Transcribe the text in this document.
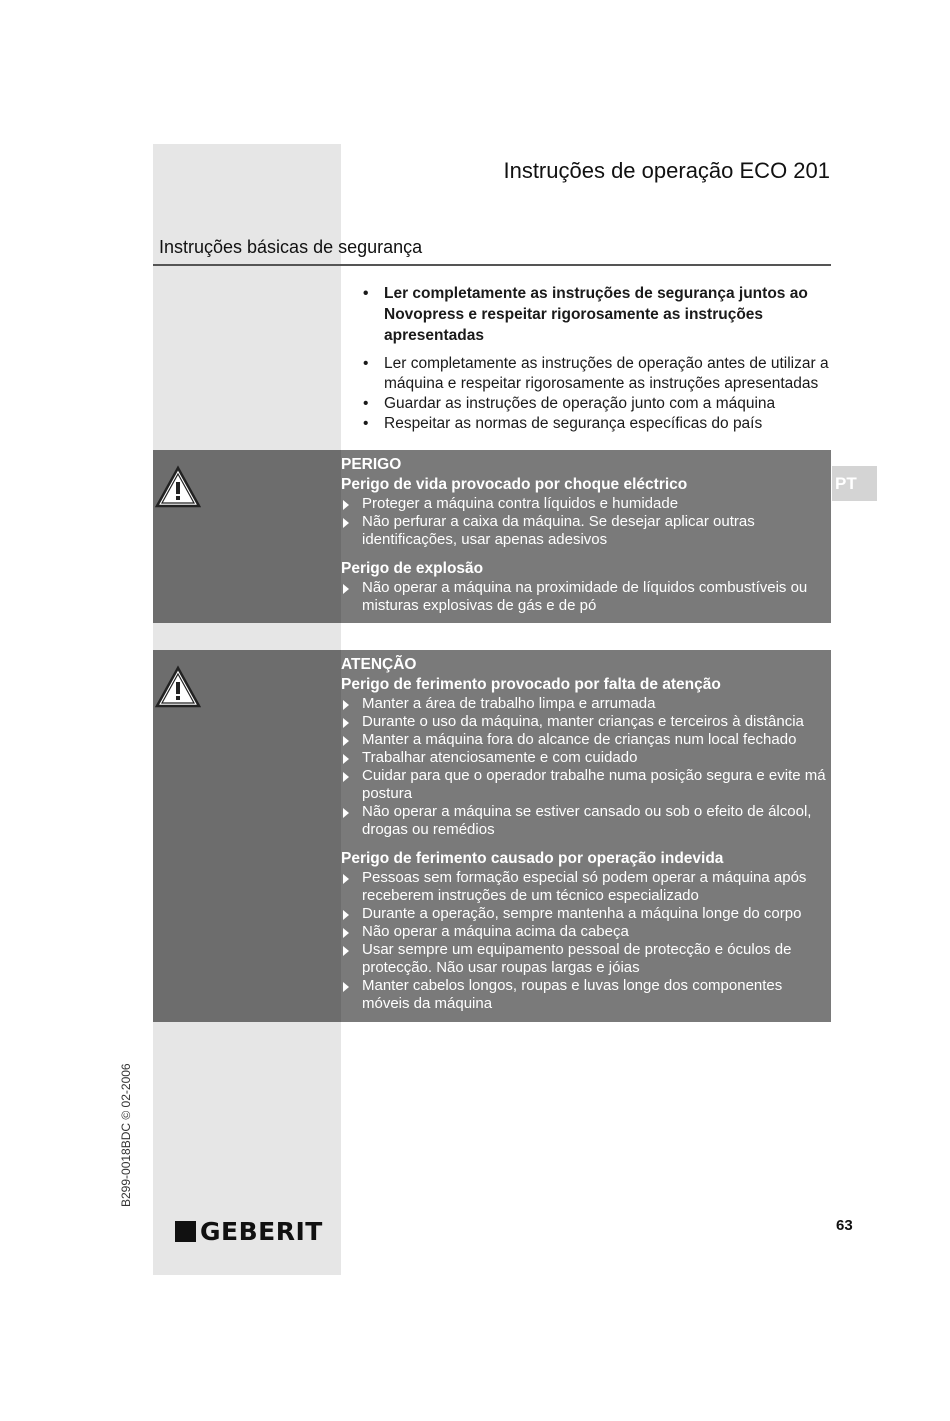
Instruções de operação ECO 201
Instruções básicas de segurança
• Ler completamente as instruções de segurança juntos ao Novopress e respeitar rigorosamente as instruções apresentadas
• Ler completamente as instruções de operação antes de utilizar a máquina e respeitar rigorosamente as instruções apresentadas
• Guardar as instruções de operação junto com a máquina
• Respeitar as normas de segurança específicas do país
PT
PERIGO
Perigo de vida provocado por choque eléctrico
Proteger a máquina contra líquidos e humidade
Não perfurar a caixa da máquina. Se desejar aplicar outras identificações, usar apenas adesivos
Perigo de explosão
Não operar a máquina na proximidade de líquidos combustíveis ou misturas explosivas de gás e de pó
ATENÇÃO
Perigo de ferimento provocado por falta de atenção
Manter a área de trabalho limpa e arrumada
Durante o uso da máquina, manter crianças e terceiros à distância
Manter a máquina fora do alcance de crianças num local fechado
Trabalhar atenciosamente e com cuidado
Cuidar para que o operador trabalhe numa posição segura e evite má postura
Não operar a máquina se estiver cansado ou sob o efeito de álcool, drogas ou remédios
Perigo de ferimento causado por operação indevida
Pessoas sem formação especial só podem operar a máquina após receberem instruções de um técnico especializado
Durante a operação, sempre mantenha a máquina longe do corpo
Não operar a máquina acima da cabeça
Usar sempre um equipamento pessoal de protecção e óculos de protecção. Não usar roupas largas e jóias
Manter cabelos longos, roupas e luvas longe dos componentes móveis da máquina
B299-0018BDC © 02-2006
GEBERIT	63
